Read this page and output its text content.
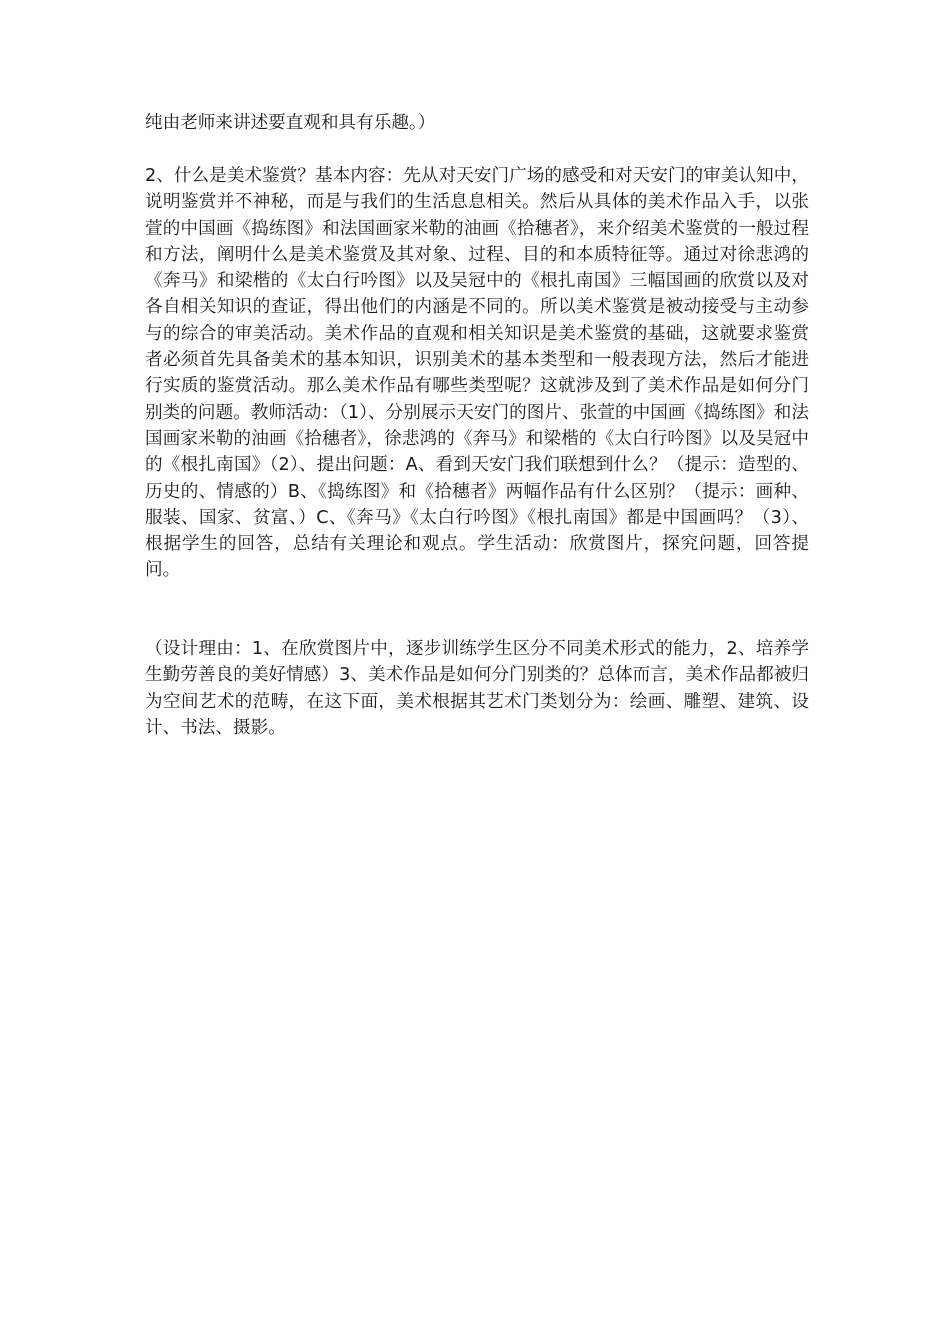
纯由老师来讲述要直观和具有乐趣。）

2、什么是美术鉴赏？基本内容：先从对天安门广场的感受和对天安门的审美认知中，说明鉴赏并不神秘，而是与我们的生活息息相关。然后从具体的美术作品入手，以张萱的中国画《捣练图》和法国画家米勒的油画《拾穗者》，来介绍美术鉴赏的一般过程和方法，阐明什么是美术鉴赏及其对象、过程、目的和本质特征等。通过对徐悲鸿的《奔马》和梁楷的《太白行吟图》以及吴冠中的《根扎南国》三幅国画的欣赏以及对各自相关知识的查证，得出他们的内涵是不同的。所以美术鉴赏是被动接受与主动参与的综合的审美活动。美术作品的直观和相关知识是美术鉴赏的基础，这就要求鉴赏者必须首先具备美术的基本知识，识别美术的基本类型和一般表现方法，然后才能进行实质的鉴赏活动。那么美术作品有哪些类型呢？这就涉及到了美术作品是如何分门别类的问题。教师活动：（1）、分别展示天安门的图片、张萱的中国画《捣练图》和法国画家米勒的油画《拾穗者》，徐悲鸿的《奔马》和梁楷的《太白行吟图》以及吴冠中的《根扎南国》（2）、提出问题：A、看到天安门我们联想到什么？（提示：造型的、历史的、情感的）B、《捣练图》和《拾穗者》两幅作品有什么区别？（提示：画种、服装、国家、贫富、）C、《奔马》《太白行吟图》《根扎南国》都是中国画吗？（3）、根据学生的回答，总结有关理论和观点。学生活动：欣赏图片，探究问题，回答提问。

（设计理由：1、在欣赏图片中，逐步训练学生区分不同美术形式的能力，2、培养学生勤劳善良的美好情感）3、美术作品是如何分门别类的？总体而言，美术作品都被归为空间艺术的范畴，在这下面，美术根据其艺术门类划分为：绘画、雕塑、建筑、设计、书法、摄影。
